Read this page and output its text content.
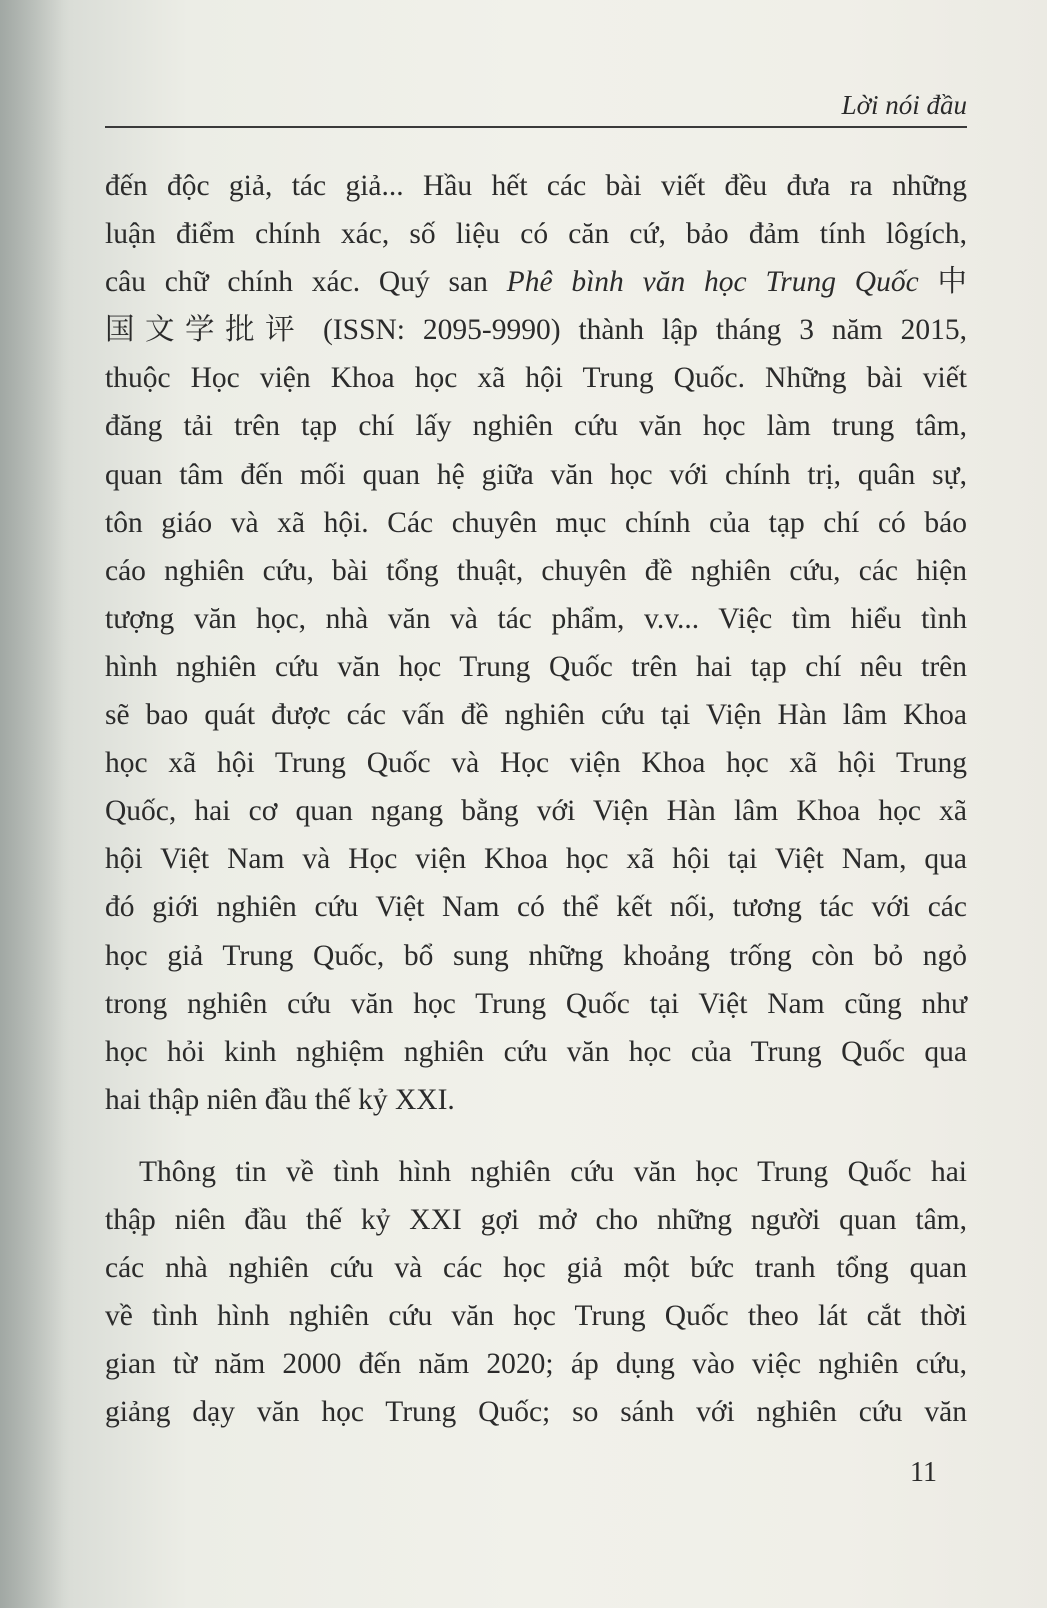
Lời nói đầu

đến độc giả, tác giả... Hầu hết các bài viết đều đưa ra những
luận điểm chính xác, số liệu có căn cứ, bảo đảm tính lôgích,
câu chữ chính xác. Quý san Phê bình văn học Trung Quốc 中
国文学批评 (ISSN: 2095-9990) thành lập tháng 3 năm 2015,
thuộc Học viện Khoa học xã hội Trung Quốc. Những bài viết
đăng tải trên tạp chí lấy nghiên cứu văn học làm trung tâm,
quan tâm đến mối quan hệ giữa văn học với chính trị, quân sự,
tôn giáo và xã hội. Các chuyên mục chính của tạp chí có báo
cáo nghiên cứu, bài tổng thuật, chuyên đề nghiên cứu, các hiện
tượng văn học, nhà văn và tác phẩm, v.v... Việc tìm hiểu tình
hình nghiên cứu văn học Trung Quốc trên hai tạp chí nêu trên
sẽ bao quát được các vấn đề nghiên cứu tại Viện Hàn lâm Khoa
học xã hội Trung Quốc và Học viện Khoa học xã hội Trung
Quốc, hai cơ quan ngang bằng với Viện Hàn lâm Khoa học xã
hội Việt Nam và Học viện Khoa học xã hội tại Việt Nam, qua
đó giới nghiên cứu Việt Nam có thể kết nối, tương tác với các
học giả Trung Quốc, bổ sung những khoảng trống còn bỏ ngỏ
trong nghiên cứu văn học Trung Quốc tại Việt Nam cũng như
học hỏi kinh nghiệm nghiên cứu văn học của Trung Quốc qua
hai thập niên đầu thế kỷ XXI.

Thông tin về tình hình nghiên cứu văn học Trung Quốc hai
thập niên đầu thế kỷ XXI gợi mở cho những người quan tâm,
các nhà nghiên cứu và các học giả một bức tranh tổng quan
về tình hình nghiên cứu văn học Trung Quốc theo lát cắt thời
gian từ năm 2000 đến năm 2020; áp dụng vào việc nghiên cứu,
giảng dạy văn học Trung Quốc; so sánh với nghiên cứu văn

11
